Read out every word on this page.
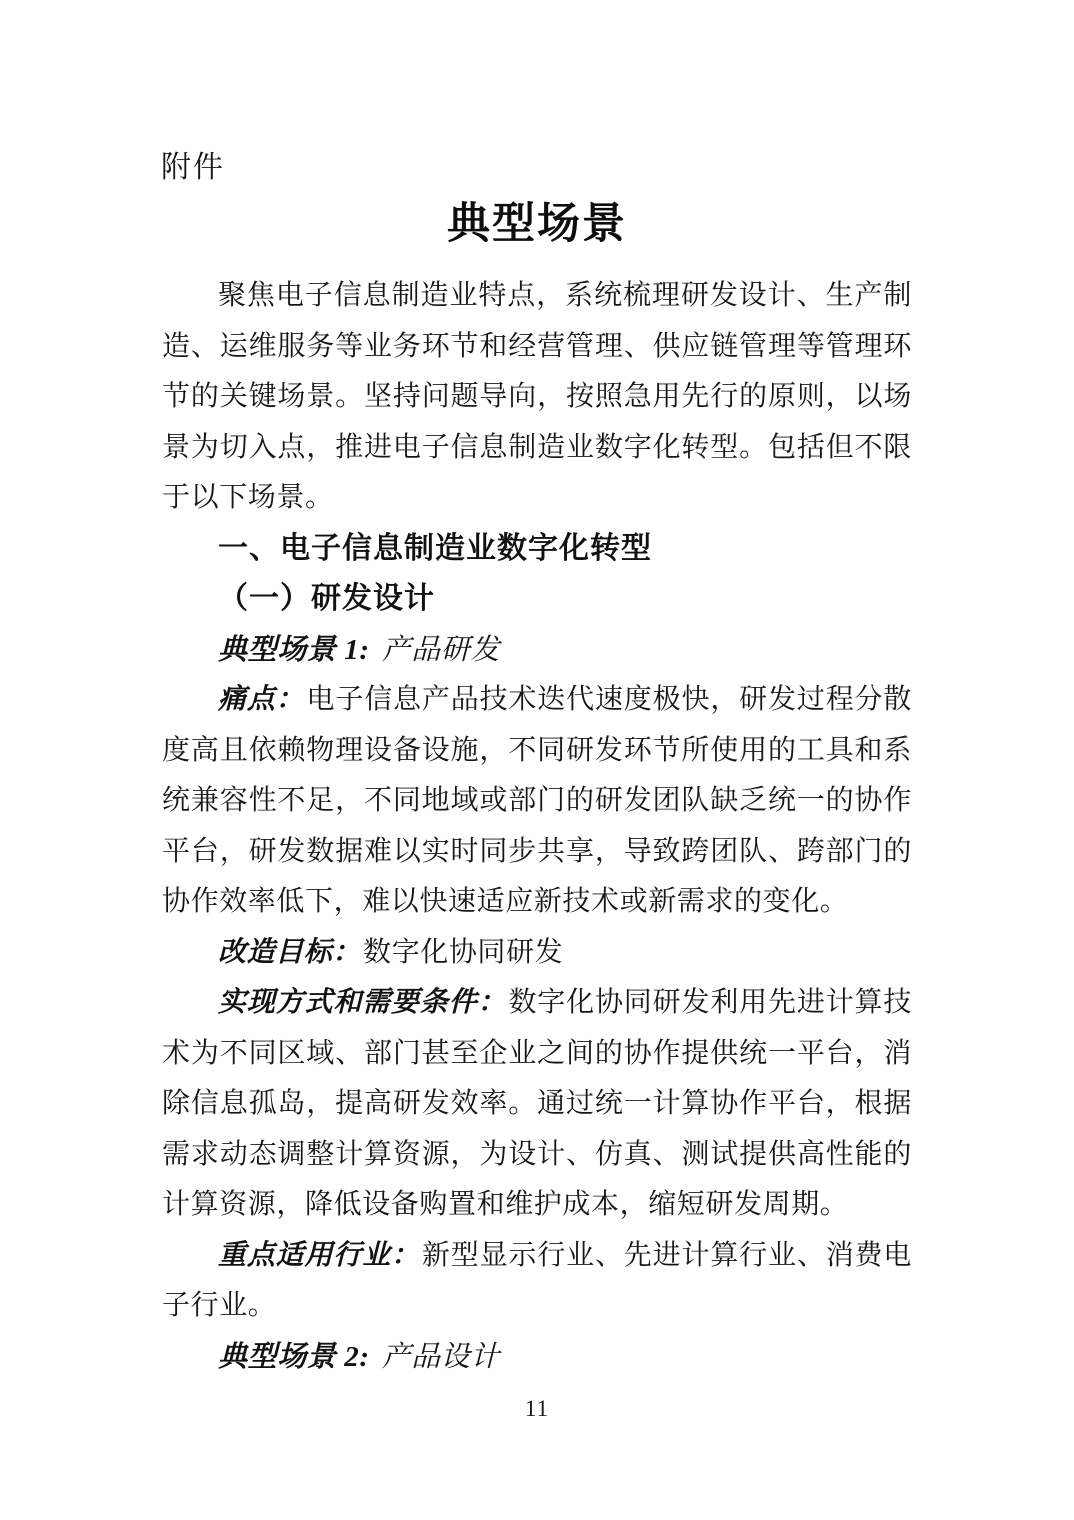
附件
典型场景
聚焦电子信息制造业特点，系统梳理研发设计、生产制
造、运维服务等业务环节和经营管理、供应链管理等管理环
节的关键场景。坚持问题导向，按照急用先行的原则，以场
景为切入点，推进电子信息制造业数字化转型。包括但不限
于以下场景。
一、电子信息制造业数字化转型
（一）研发设计
典型场景 1: 产品研发
痛点：电子信息产品技术迭代速度极快，研发过程分散
度高且依赖物理设备设施，不同研发环节所使用的工具和系
统兼容性不足，不同地域或部门的研发团队缺乏统一的协作
平台，研发数据难以实时同步共享，导致跨团队、跨部门的
协作效率低下，难以快速适应新技术或新需求的变化。
改造目标：数字化协同研发
实现方式和需要条件：数字化协同研发利用先进计算技
术为不同区域、部门甚至企业之间的协作提供统一平台，消
除信息孤岛，提高研发效率。通过统一计算协作平台，根据
需求动态调整计算资源，为设计、仿真、测试提供高性能的
计算资源，降低设备购置和维护成本，缩短研发周期。
重点适用行业：新型显示行业、先进计算行业、消费电
子行业。
典型场景 2: 产品设计
11
